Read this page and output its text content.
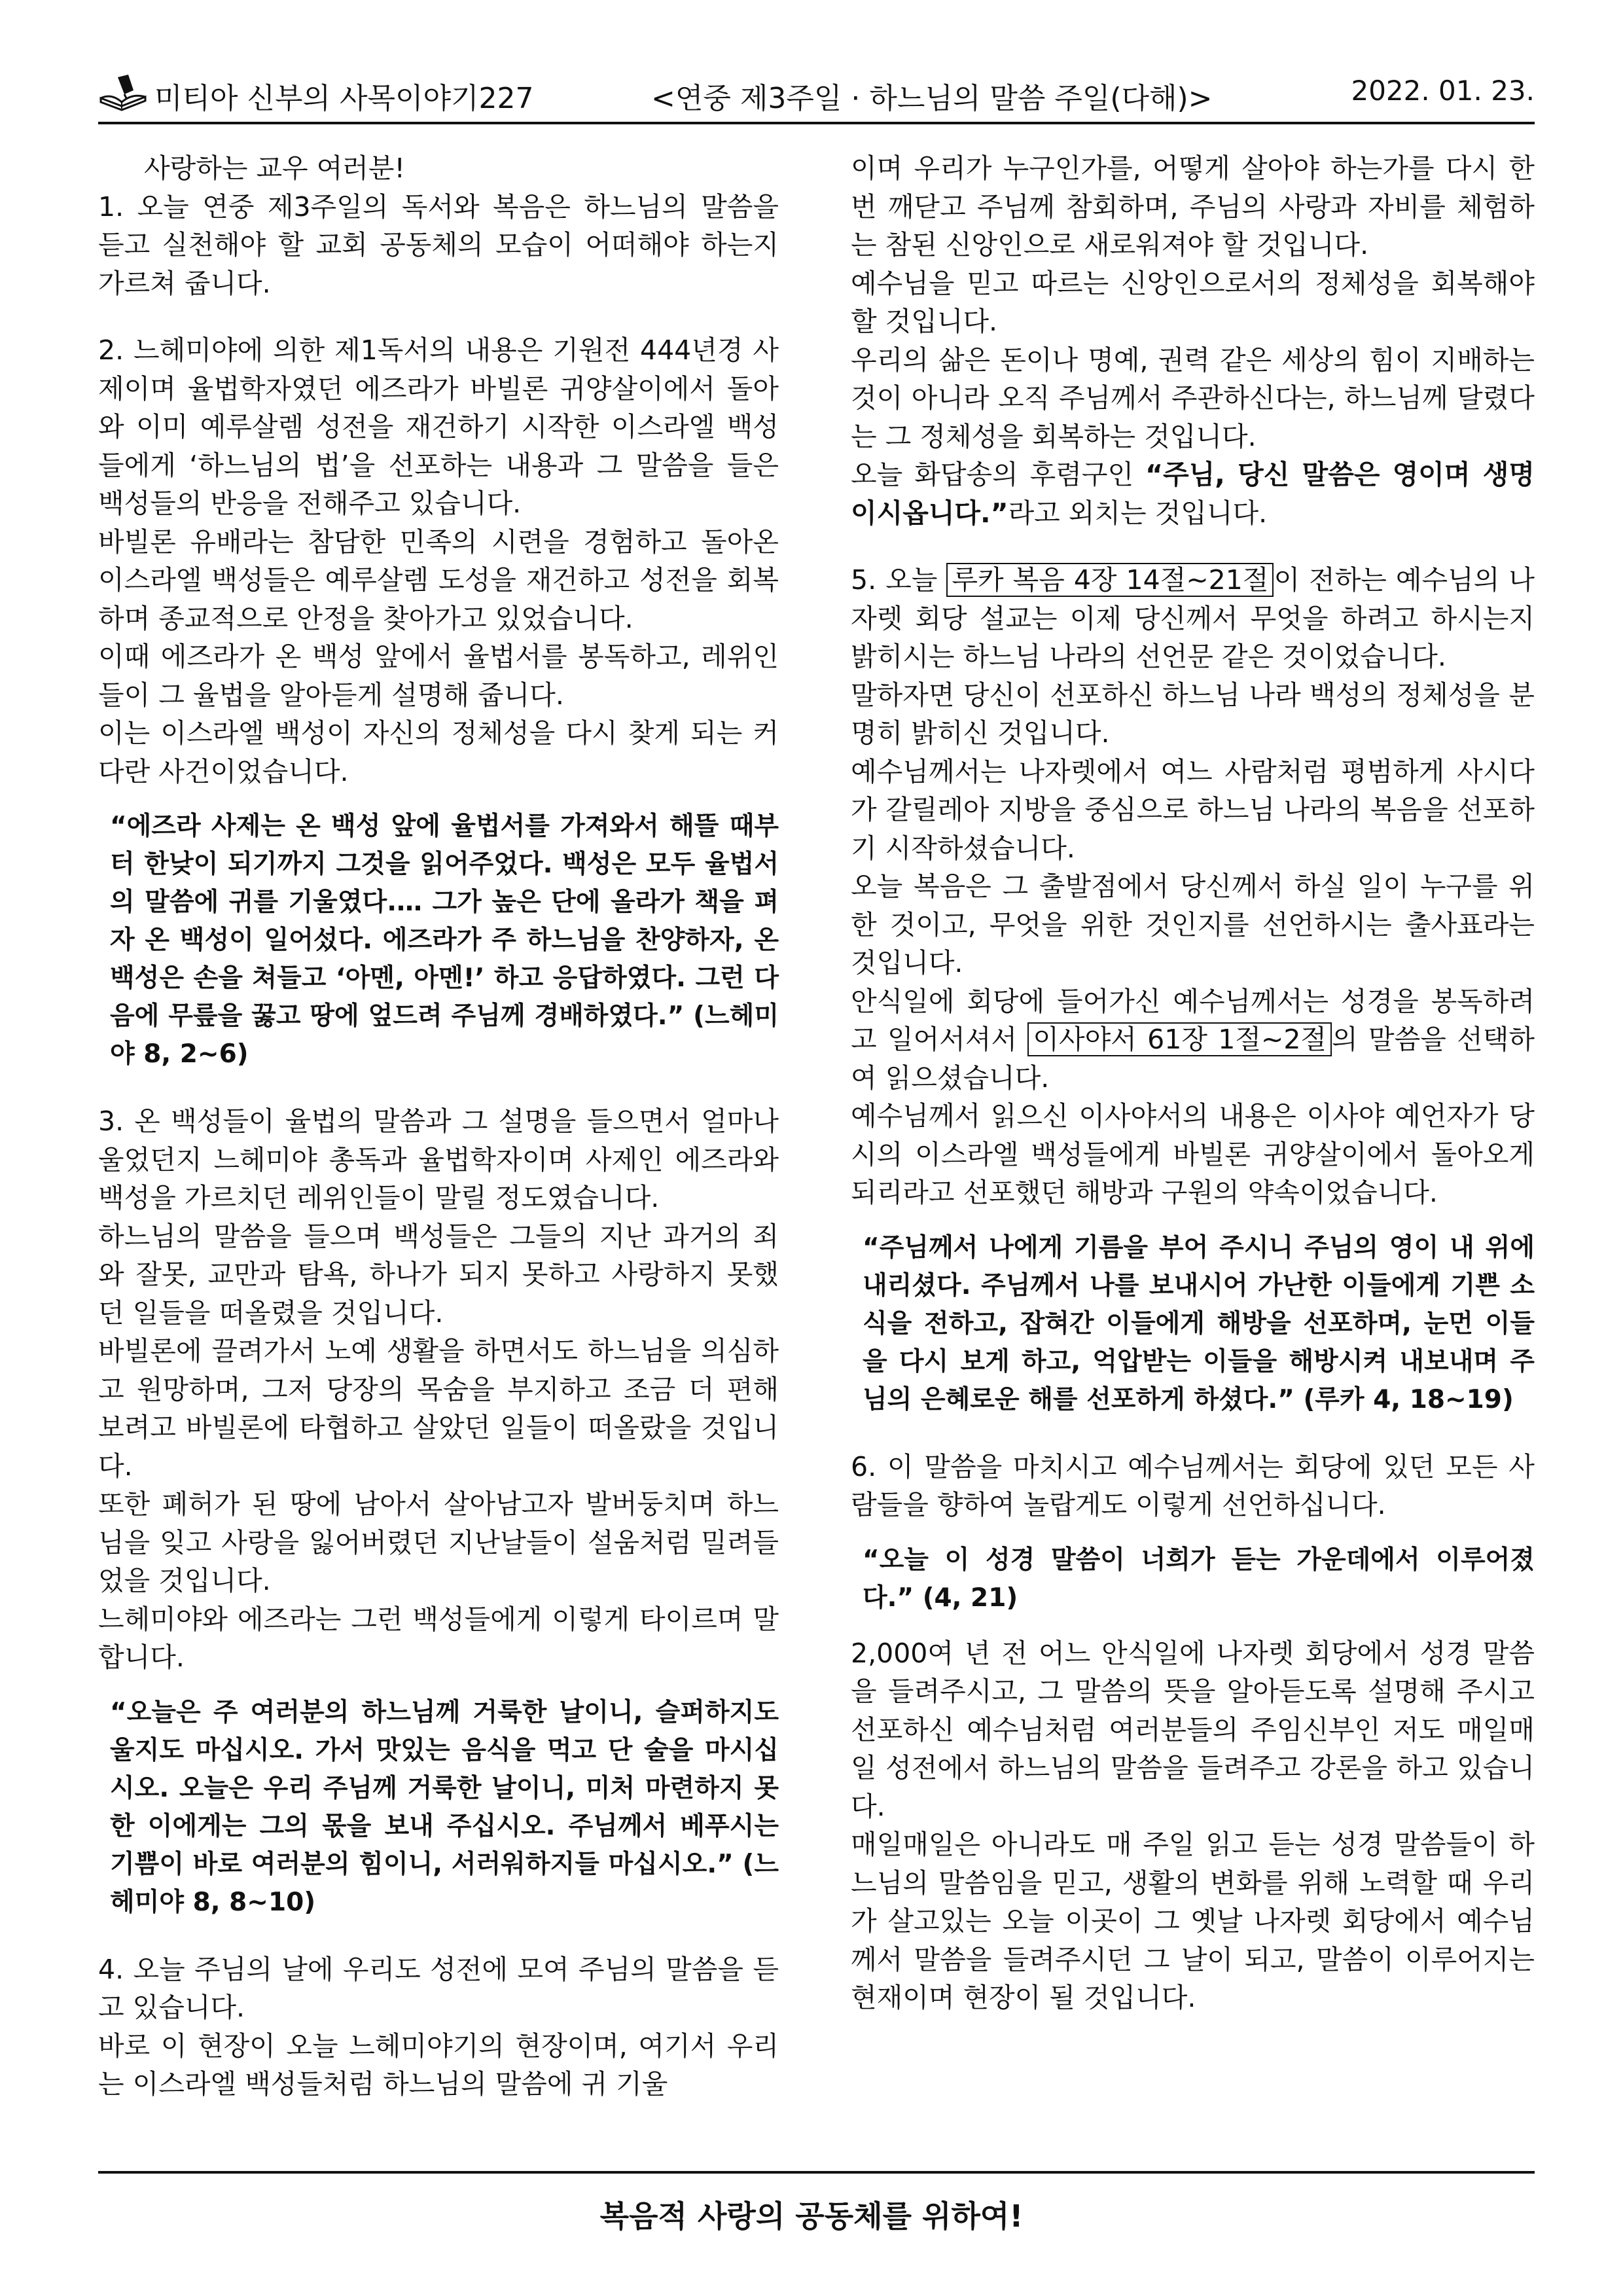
미티아 신부의 사목이야기227	<연중 제3주일 · 하느님의 말씀 주일(다해)>	2022. 01. 23.

사랑하는 교우 여러분!

1. 오늘 연중 제3주일의 독서와 복음은 하느님의 말씀을 듣고 실천해야 할 교회 공동체의 모습이 어떠해야 하는지 가르쳐 줍니다.

2. 느헤미야에 의한 제1독서의 내용은 기원전 444년경 사제이며 율법학자였던 에즈라가 바빌론 귀양살이에서 돌아와 이미 예루살렘 성전을 재건하기 시작한 이스라엘 백성들에게 ‘하느님의 법’을 선포하는 내용과 그 말씀을 들은 백성들의 반응을 전해주고 있습니다.

바빌론 유배라는 참담한 민족의 시련을 경험하고 돌아온 이스라엘 백성들은 예루살렘 도성을 재건하고 성전을 회복하며 종교적으로 안정을 찾아가고 있었습니다.

이때 에즈라가 온 백성 앞에서 율법서를 봉독하고, 레위인들이 그 율법을 알아듣게 설명해 줍니다.

이는 이스라엘 백성이 자신의 정체성을 다시 찾게 되는 커다란 사건이었습니다.

“에즈라 사제는 온 백성 앞에 율법서를 가져와서 해뜰 때부터 한낮이 되기까지 그것을 읽어주었다. 백성은 모두 율법서의 말씀에 귀를 기울였다.… 그가 높은 단에 올라가 책을 펴자 온 백성이 일어섰다. 에즈라가 주 하느님을 찬양하자, 온 백성은 손을 쳐들고 ‘아멘, 아멘!’ 하고 응답하였다. 그런 다음에 무릎을 꿇고 땅에 엎드려 주님께 경배하였다.” (느헤미야 8, 2∼6)

3. 온 백성들이 율법의 말씀과 그 설명을 들으면서 얼마나 울었던지 느헤미야 총독과 율법학자이며 사제인 에즈라와 백성을 가르치던 레위인들이 말릴 정도였습니다.

하느님의 말씀을 들으며 백성들은 그들의 지난 과거의 죄와 잘못, 교만과 탐욕, 하나가 되지 못하고 사랑하지 못했던 일들을 떠올렸을 것입니다.

바빌론에 끌려가서 노예 생활을 하면서도 하느님을 의심하고 원망하며, 그저 당장의 목숨을 부지하고 조금 더 편해 보려고 바빌론에 타협하고 살았던 일들이 떠올랐을 것입니다.

또한 폐허가 된 땅에 남아서 살아남고자 발버둥치며 하느님을 잊고 사랑을 잃어버렸던 지난날들이 설움처럼 밀려들었을 것입니다.

느헤미야와 에즈라는 그런 백성들에게 이렇게 타이르며 말합니다.

“오늘은 주 여러분의 하느님께 거룩한 날이니, 슬퍼하지도 울지도 마십시오. 가서 맛있는 음식을 먹고 단 술을 마시십시오. 오늘은 우리 주님께 거룩한 날이니, 미처 마련하지 못한 이에게는 그의 몫을 보내 주십시오. 주님께서 베푸시는 기쁨이 바로 여러분의 힘이니, 서러워하지들 마십시오.” (느헤미야 8, 8∼10)

4. 오늘 주님의 날에 우리도 성전에 모여 주님의 말씀을 듣고 있습니다.

바로 이 현장이 오늘 느헤미야기의 현장이며, 여기서 우리는 이스라엘 백성들처럼 하느님의 말씀에 귀 기울

이며 우리가 누구인가를, 어떻게 살아야 하는가를 다시 한번 깨닫고 주님께 참회하며, 주님의 사랑과 자비를 체험하는 참된 신앙인으로 새로워져야 할 것입니다.

예수님을 믿고 따르는 신앙인으로서의 정체성을 회복해야 할 것입니다.

우리의 삶은 돈이나 명예, 권력 같은 세상의 힘이 지배하는 것이 아니라 오직 주님께서 주관하신다는, 하느님께 달렸다는 그 정체성을 회복하는 것입니다.

오늘 화답송의 후렴구인 “주님, 당신 말씀은 영이며 생명이시옵니다.”라고 외치는 것입니다.

5. 오늘 루카 복음 4장 14절∼21절 이 전하는 예수님의 나자렛 회당 설교는 이제 당신께서 무엇을 하려고 하시는지 밝히시는 하느님 나라의 선언문 같은 것이었습니다.

말하자면 당신이 선포하신 하느님 나라 백성의 정체성을 분명히 밝히신 것입니다.

예수님께서는 나자렛에서 여느 사람처럼 평범하게 사시다가 갈릴레아 지방을 중심으로 하느님 나라의 복음을 선포하기 시작하셨습니다.

오늘 복음은 그 출발점에서 당신께서 하실 일이 누구를 위한 것이고, 무엇을 위한 것인지를 선언하시는 출사표라는 것입니다.

안식일에 회당에 들어가신 예수님께서는 성경을 봉독하려고 일어서셔서 이사야서 61장 1절∼2절 의 말씀을 선택하여 읽으셨습니다.

예수님께서 읽으신 이사야서의 내용은 이사야 예언자가 당시의 이스라엘 백성들에게 바빌론 귀양살이에서 돌아오게 되리라고 선포했던 해방과 구원의 약속이었습니다.

“주님께서 나에게 기름을 부어 주시니 주님의 영이 내 위에 내리셨다. 주님께서 나를 보내시어 가난한 이들에게 기쁜 소식을 전하고, 잡혀간 이들에게 해방을 선포하며, 눈먼 이들을 다시 보게 하고, 억압받는 이들을 해방시켜 내보내며 주님의 은혜로운 해를 선포하게 하셨다.” (루카 4, 18∼19)

6. 이 말씀을 마치시고 예수님께서는 회당에 있던 모든 사람들을 향하여 놀랍게도 이렇게 선언하십니다.

“오늘 이 성경 말씀이 너희가 듣는 가운데에서 이루어졌다.” (4, 21)

2,000여 년 전 어느 안식일에 나자렛 회당에서 성경 말씀을 들려주시고, 그 말씀의 뜻을 알아듣도록 설명해 주시고 선포하신 예수님처럼 여러분들의 주임신부인 저도 매일매일 성전에서 하느님의 말씀을 들려주고 강론을 하고 있습니다.

매일매일은 아니라도 매 주일 읽고 듣는 성경 말씀들이 하느님의 말씀임을 믿고, 생활의 변화를 위해 노력할 때 우리가 살고있는 오늘 이곳이 그 옛날 나자렛 회당에서 예수님께서 말씀을 들려주시던 그 날이 되고, 말씀이 이루어지는 현재이며 현장이 될 것입니다.

복음적 사랑의 공동체를 위하여!
